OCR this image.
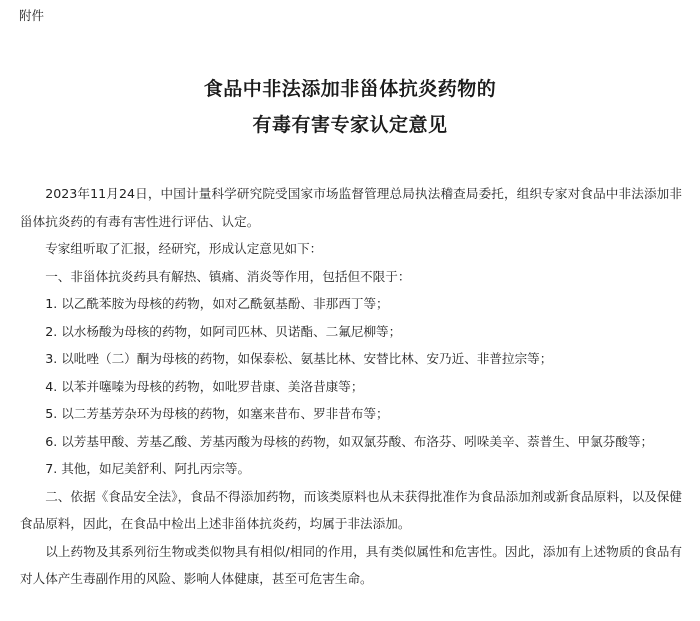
附件
食品中非法添加非甾体抗炎药物的
有毒有害专家认定意见

2023年11月24日，中国计量科学研究院受国家市场监督管理总局执法稽查局委托，组织专家对食品中非法添加非甾体抗炎药的有毒有害性进行评估、认定。

专家组听取了汇报，经研究，形成认定意见如下：

一、非甾体抗炎药具有解热、镇痛、消炎等作用，包括但不限于：

1. 以乙酰苯胺为母核的药物，如对乙酰氨基酚、非那西丁等；

2. 以水杨酸为母核的药物，如阿司匹林、贝诺酯、二氟尼柳等；

3. 以吡唑（二）酮为母核的药物，如保泰松、氨基比林、安替比林、安乃近、非普拉宗等；

4. 以苯并噻嗪为母核的药物，如吡罗昔康、美洛昔康等；

5. 以二芳基芳杂环为母核的药物，如塞来昔布、罗非昔布等；

6. 以芳基甲酸、芳基乙酸、芳基丙酸为母核的药物，如双氯芬酸、布洛芬、吲哚美辛、萘普生、甲氯芬酸等；

7. 其他，如尼美舒利、阿扎丙宗等。

二、依据《食品安全法》，食品不得添加药物，而该类原料也从未获得批准作为食品添加剂或新食品原料，以及保健食品原料，因此，在食品中检出上述非甾体抗炎药，均属于非法添加。

以上药物及其系列衍生物或类似物具有相似/相同的作用，具有类似属性和危害性。因此，添加有上述物质的食品有对人体产生毒副作用的风险、影响人体健康，甚至可危害生命。
